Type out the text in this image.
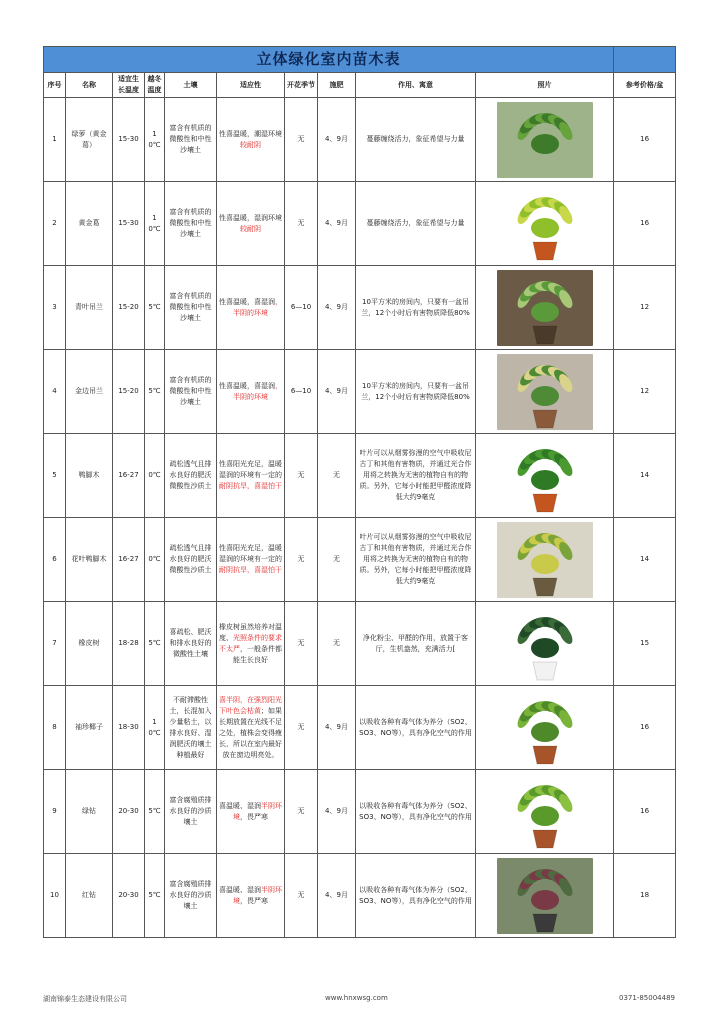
立体绿化室内苗木表										
序号	名称	适宜生长温度	越冬温度	土壤	适应性	开花季节	施肥	作用、寓意	照片	参考价格/盆
1	绿萝（黄金葛）	15-30	10℃	富含有机质的微酸性和中性沙壤土	性喜温暖，潮湿环境较耐阴	无	4、9月	蔓藤缠绕活力，象征希望与力量		16
2	黄金葛	15-30	10℃	富含有机质的微酸性和中性沙壤土	性喜温暖，湿润环境较耐阴	无	4、9月	蔓藤缠绕活力，象征希望与力量		16
3	青叶吊兰	15-20	5℃	富含有机质的微酸性和中性沙壤土	性喜温暖，喜湿润，半阴的环境	6—10	4、9月	10平方米的房间内，只要有一盆吊兰，12个小时后有害物质降低80%		12
4	金边吊兰	15-20	5℃	富含有机质的微酸性和中性沙壤土	性喜温暖，喜湿润，半阴的环境	6—10	4、9月	10平方米的房间内，只要有一盆吊兰，12个小时后有害物质降低80%		12
5	鸭脚木	16-27	0℃	疏松透气且排水良好的肥沃微酸性沙质土	性喜阳光充足，温暖湿润的环境有一定的耐阴抗旱，喜湿怕干	无	无	叶片可以从烟雾弥漫的空气中吸收尼古丁和其他有害物质，并通过光合作用将之转换为无害的植物自有的物质。另外，它每小时能把甲醛浓度降低大约9毫克		14
6	花叶鸭脚木	16-27	0℃	疏松透气且排水良好的肥沃微酸性沙质土	性喜阳光充足，温暖湿润的环境有一定的耐阴抗旱，喜湿怕干	无	无	叶片可以从烟雾弥漫的空气中吸收尼古丁和其他有害物质，并通过光合作用将之转换为无害的植物自有的物质。另外，它每小时能把甲醛浓度降低大约9毫克		14
7	橡皮树	18-28	5℃	喜疏松、肥沃和排水良好的微酸性土壤	橡皮树虽然培养对温度、光照条件的要求不太严，一般条件都能生长良好	无	无	净化粉尘、甲醛的作用，放置于客厅，生机盎然，充满活力[		15
8	袖珍椰子	18-30	10℃	不耐滞酸性土，长混加入少量粘土，以排水良好、湿润肥沃的壤土种植最好	喜半阴，在强烈阳光下叶色会枯黄；如果长期放置在光线不足之处，植株会变得瘦长，所以在室内最好放在窗边明亮处。	无	4、9月	以吸收各种有毒气体为养分（SO2、SO3、NO等），具有净化空气的作用		16
9	绿钻	20-30	5℃	富含腐殖质排水良好的沙质壤土	喜温暖、湿润半阴环境，畏严寒	无	4、9月	以吸收各种有毒气体为养分（SO2、SO3、NO等），具有净化空气的作用		16
10	红钻	20-30	5℃	富含腐殖质排水良好的沙质壤土	喜温暖、湿润半阴环境，畏严寒	无	4、9月	以吸收各种有毒气体为养分（SO2、SO3、NO等），具有净化空气的作用		18
湖南锦泰生态建设有限公司	www.hnxwsg.com	0371-85004489
